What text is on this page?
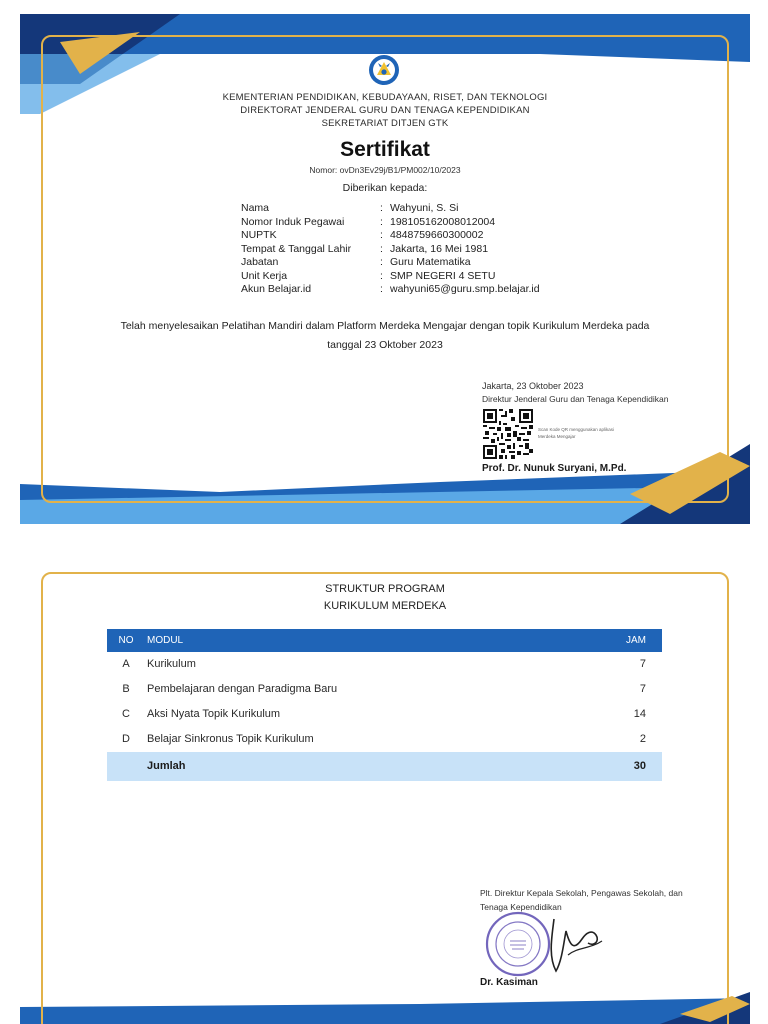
KEMENTERIAN PENDIDIKAN, KEBUDAYAAN, RISET, DAN TEKNOLOGI
DIREKTORAT JENDERAL GURU DAN TENAGA KEPENDIDIKAN
SEKRETARIAT DITJEN GTK
Sertifikat
Nomor: ovDn3Ev29j/B1/PM002/10/2023
Diberikan kepada:
Nama	: Wahyuni, S. Si
Nomor Induk Pegawai	: 198105162008012004
NUPTK	: 4848759660300002
Tempat & Tanggal Lahir	: Jakarta, 16 Mei 1981
Jabatan	: Guru Matematika
Unit Kerja	: SMP NEGERI 4 SETU
Akun Belajar.id	: wahyuni65@guru.smp.belajar.id
Telah menyelesaikan Pelatihan Mandiri dalam Platform Merdeka Mengajar dengan topik Kurikulum Merdeka pada
tanggal 23 Oktober 2023
Jakarta, 23 Oktober 2023
Direktur Jenderal Guru dan Tenaga Kependidikan
Scan Kode QR menggunakan aplikasi Merdeka Mengajar
Prof. Dr. Nunuk Suryani, M.Pd.
STRUKTUR PROGRAM
KURIKULUM MERDEKA
NO	MODUL	JAM
A	Kurikulum	7
B	Pembelajaran dengan Paradigma Baru	7
C	Aksi Nyata Topik Kurikulum	14
D	Belajar Sinkronus Topik Kurikulum	2
Jumlah	30
Plt. Direktur Kepala Sekolah, Pengawas Sekolah, dan Tenaga Kependidikan
Dr. Kasiman
